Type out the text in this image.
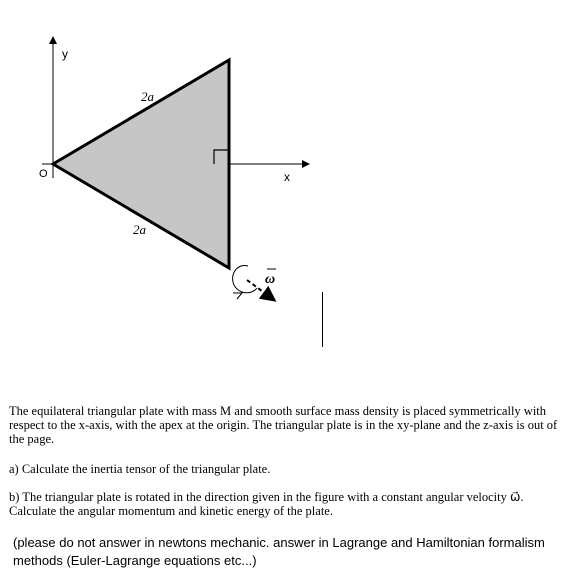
y
x
O
2a
2a
ω
The equilateral triangular plate with mass M and smooth surface mass density is placed symmetrically with respect to the x-axis, with the apex at the origin. The triangular plate is in the xy-plane and the z-axis is out of the page.
a) Calculate the inertia tensor of the triangular plate.
b) The triangular plate is rotated in the direction given in the figure with a constant angular velocity ω⃗. Calculate the angular momentum and kinetic energy of the plate.
(please do not answer in newtons mechanic. answer in Lagrange and Hamiltonian formalism methods (Euler-Lagrange equations etc...)
